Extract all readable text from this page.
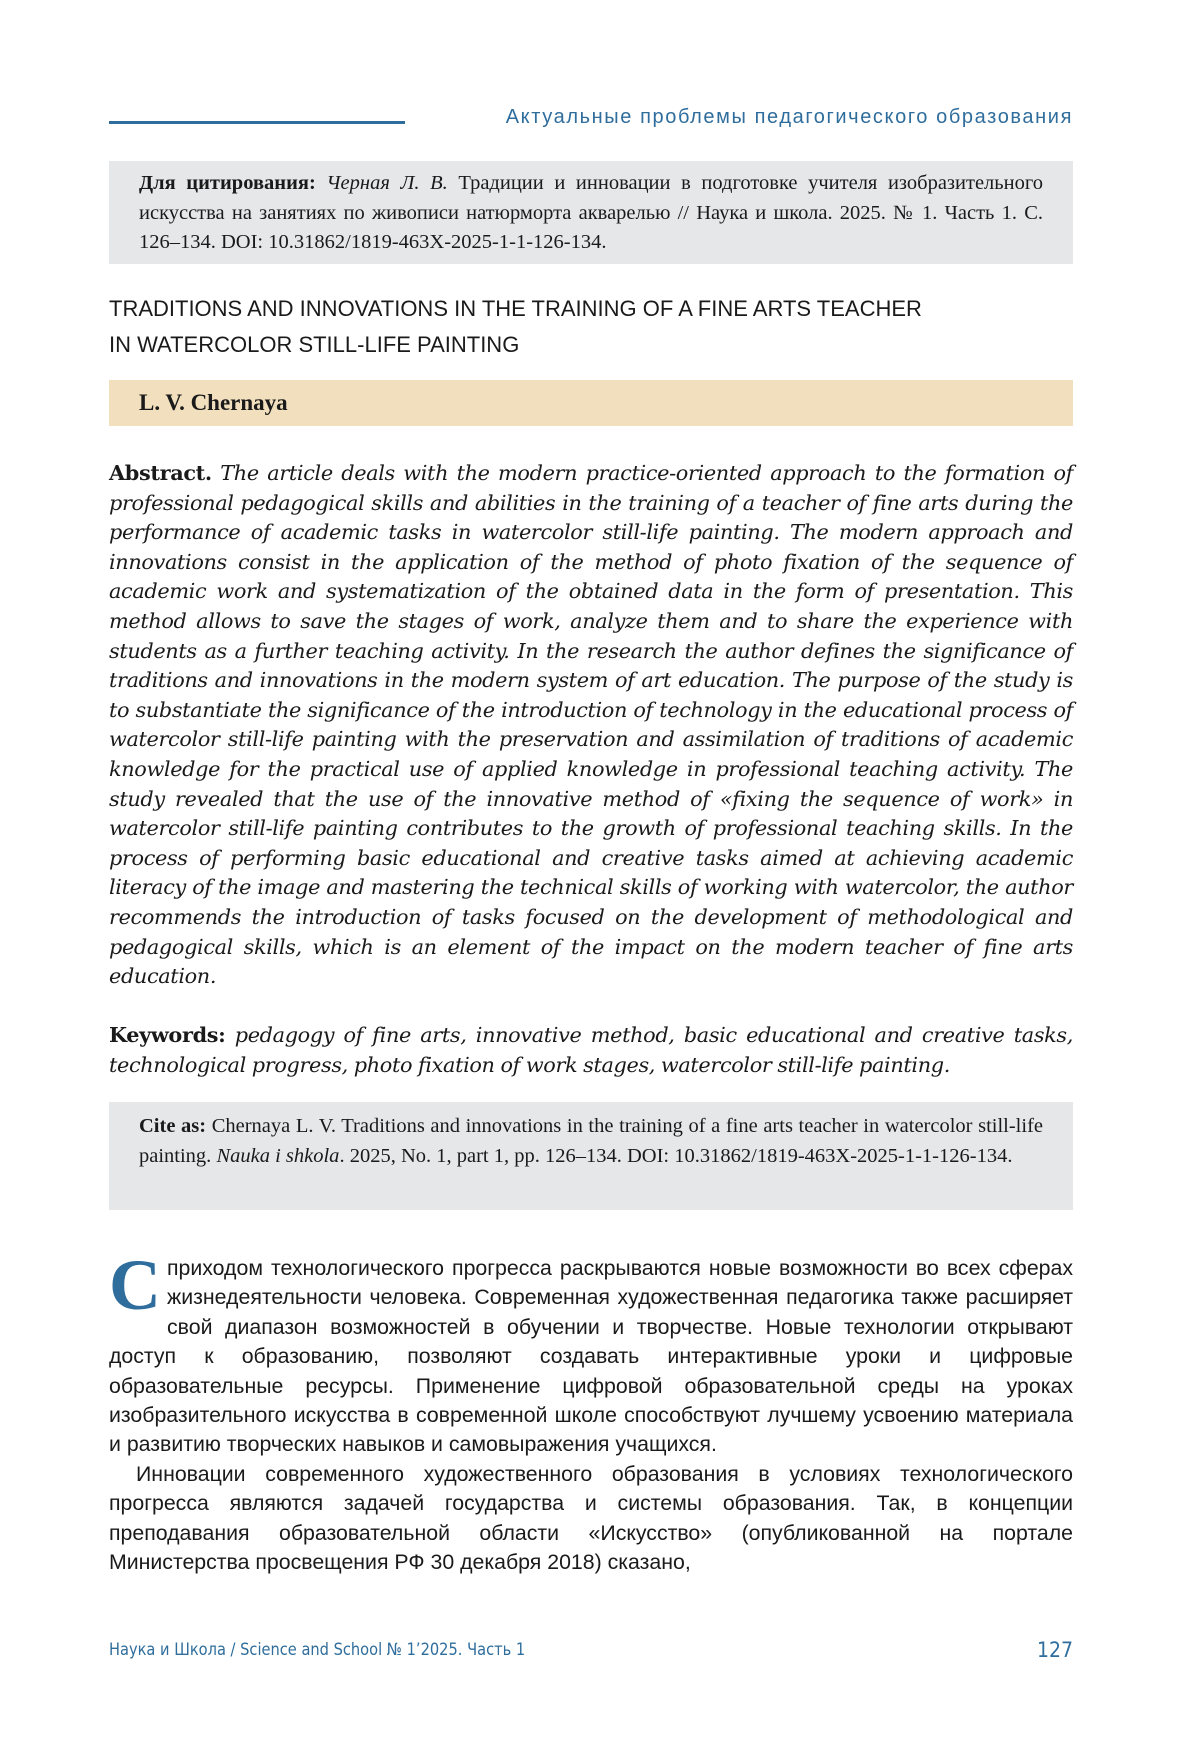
Актуальные проблемы педагогического образования
Для цитирования: Черная Л. В. Традиции и инновации в подготовке учителя изобразительного искусства на занятиях по живописи натюрморта акварелью // Наука и школа. 2025. № 1. Часть 1. С. 126–134. DOI: 10.31862/1819-463X-2025-1-1-126-134.
TRADITIONS AND INNOVATIONS IN THE TRAINING OF A FINE ARTS TEACHER
IN WATERCOLOR STILL-LIFE PAINTING
L. V. Chernaya
Abstract. The article deals with the modern practice-oriented approach to the formation of professional pedagogical skills and abilities in the training of a teacher of fine arts during the performance of academic tasks in watercolor still-life painting. The modern approach and innovations consist in the application of the method of photo fixation of the sequence of academic work and systematization of the obtained data in the form of presentation. This method allows to save the stages of work, analyze them and to share the experience with students as a further teaching activity. In the research the author defines the significance of traditions and innovations in the modern system of art education. The purpose of the study is to substantiate the significance of the introduction of technology in the educational process of watercolor still-life painting with the preservation and assimilation of traditions of academic knowledge for the practical use of applied knowledge in professional teaching activity. The study revealed that the use of the innovative method of «fixing the sequence of work» in watercolor still-life painting contributes to the growth of professional teaching skills. In the process of performing basic educational and creative tasks aimed at achieving academic literacy of the image and mastering the technical skills of working with watercolor, the author recommends the introduction of tasks focused on the development of methodological and pedagogical skills, which is an element of the impact on the modern teacher of fine arts education.
Keywords: pedagogy of fine arts, innovative method, basic educational and creative tasks, technological progress, photo fixation of work stages, watercolor still-life painting.
Cite as: Chernaya L. V. Traditions and innovations in the training of a fine arts teacher in watercolor still-life painting. Nauka i shkola. 2025, No. 1, part 1, pp. 126–134. DOI: 10.31862/1819-463X-2025-1-1-126-134.

С приходом технологического прогресса раскрываются новые возможности во всех сферах жизнедеятельности человека. Современная художественная педагогика также расширяет свой диапазон возможностей в обучении и творчестве. Новые технологии открывают доступ к образованию, позволяют создавать интерактивные уроки и цифровые образовательные ресурсы. Применение цифровой образовательной среды на уроках изобразительного искусства в современной школе способствуют лучшему усвоению материала и развитию творческих навыков и самовыражения учащихся.

Инновации современного художественного образования в условиях технологического прогресса являются задачей государства и системы образования. Так, в концепции преподавания образовательной области «Искусство» (опубликованной на портале Министерства просвещения РФ 30 декабря 2018) сказано,

Наука и Школа / Science and School № 1’2025. Часть 1	127
